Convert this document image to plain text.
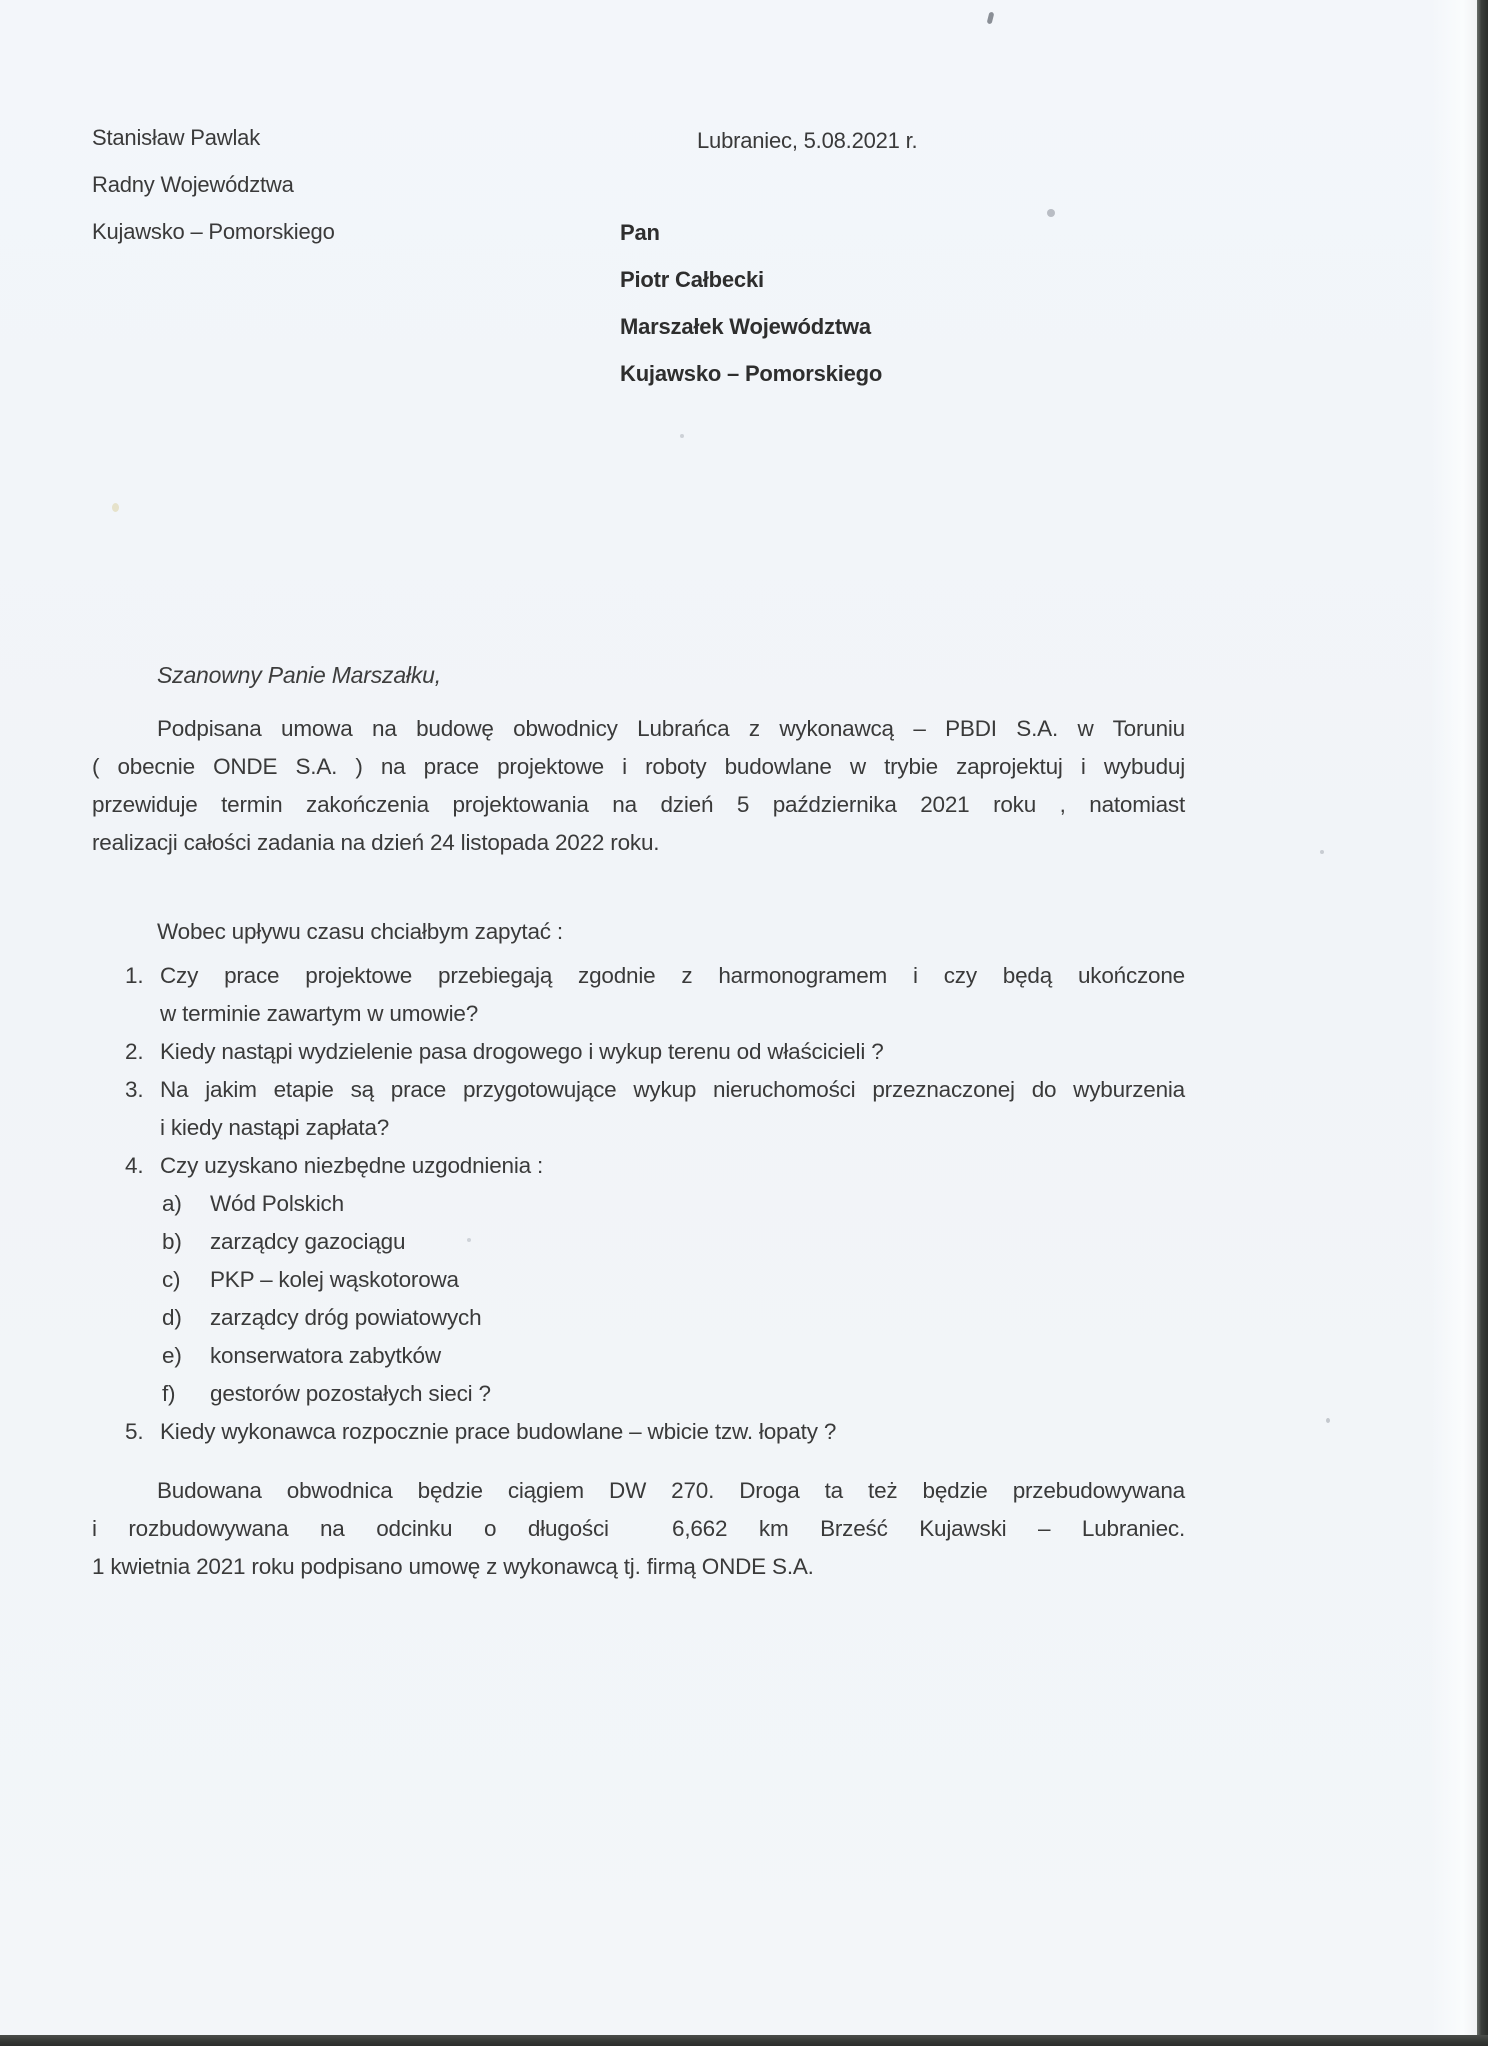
Stanisław Pawlak
Radny Województwa
Kujawsko – Pomorskiego
Lubraniec, 5.08.2021 r.
Pan
Piotr Całbecki
Marszałek Województwa
Kujawsko – Pomorskiego
Szanowny Panie Marszałku,
Podpisana umowa na budowę obwodnicy Lubrańca z wykonawcą – PBDI S.A. w Toruniu
( obecnie ONDE S.A. ) na prace projektowe i roboty budowlane w trybie zaprojektuj i wybuduj
przewiduje termin zakończenia projektowania na dzień 5 października 2021 roku , natomiast
realizacji całości zadania na dzień 24 listopada 2022 roku.
Wobec upływu czasu chciałbym zapytać :
1. Czy prace projektowe przebiegają zgodnie z harmonogramem i czy będą ukończone
w terminie zawartym w umowie?
2. Kiedy nastąpi wydzielenie pasa drogowego i wykup terenu od właścicieli ?
3. Na jakim etapie są prace przygotowujące wykup nieruchomości przeznaczonej do wyburzenia
i kiedy nastąpi zapłata?
4. Czy uzyskano niezbędne uzgodnienia :
a)	Wód Polskich
b)	zarządcy gazociągu
c)	PKP – kolej wąskotorowa
d)	zarządcy dróg powiatowych
e)	konserwatora zabytków
f)	gestorów pozostałych sieci ?
5. Kiedy wykonawca rozpocznie prace budowlane – wbicie tzw. łopaty ?
Budowana obwodnica będzie ciągiem DW 270. Droga ta też będzie przebudowywana
i rozbudowywana na odcinku o długości  6,662 km Brześć Kujawski – Lubraniec.
1 kwietnia 2021 roku podpisano umowę z wykonawcą tj. firmą ONDE S.A.
